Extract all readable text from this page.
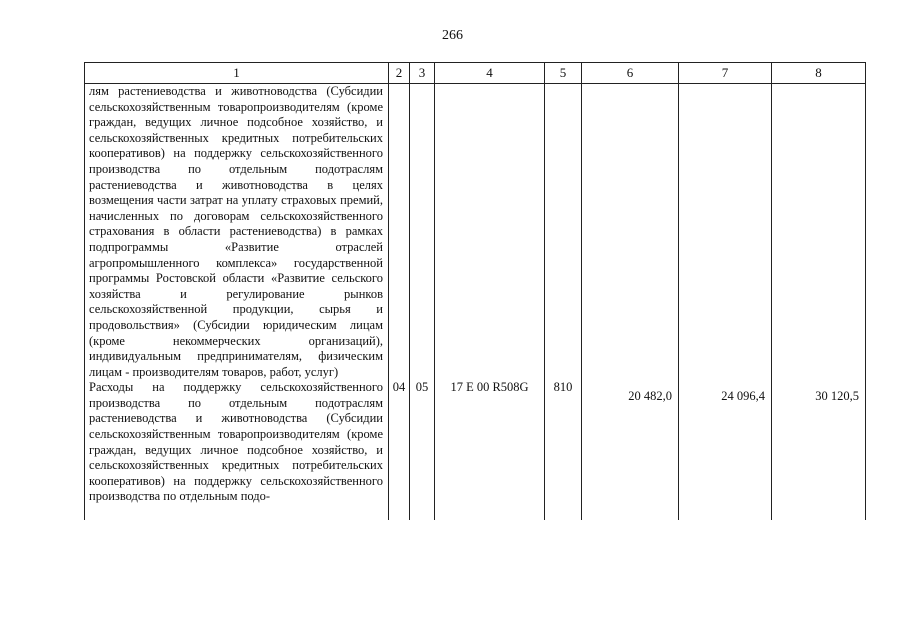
266
1	2	3	4	5	6	7	8
лям растениеводства и животноводства (Субсидии сельскохозяйственным товаропроизводителям (кроме граждан, ведущих личное подсобное хозяйство, и сельскохозяйственных кредитных потребительских кооперативов) на поддержку сельскохозяйственного производства по отдельным подотраслям растениеводства и животноводства в целях возмещения части затрат на уплату страховых премий, начисленных по договорам сельскохозяйственного страхования в области растениеводства) в рамках подпрограммы «Развитие отраслей агропромышленного комплекса» государственной программы Ростовской области «Развитие сельского хозяйства и регулирование рынков сельскохозяйственной продукции, сырья и продовольствия» (Субсидии юридическим лицам (кроме некоммерческих организаций), индивидуальным предпринимателям, физическим лицам - производителям товаров, работ, услуг)							

Расходы на поддержку сельскохозяйственного производства по отдельным подотраслям растениеводства и животноводства (Субсидии сельскохозяйственным товаропроизводителям (кроме граждан, ведущих личное подсобное хозяйство, и сельскохозяйственных кредитных потребительских кооперативов) на поддержку сельскохозяйственного производства по отдельным подо-	04	05	17 Е 00 R508G	810	20 482,0	24 096,4	30 120,5
